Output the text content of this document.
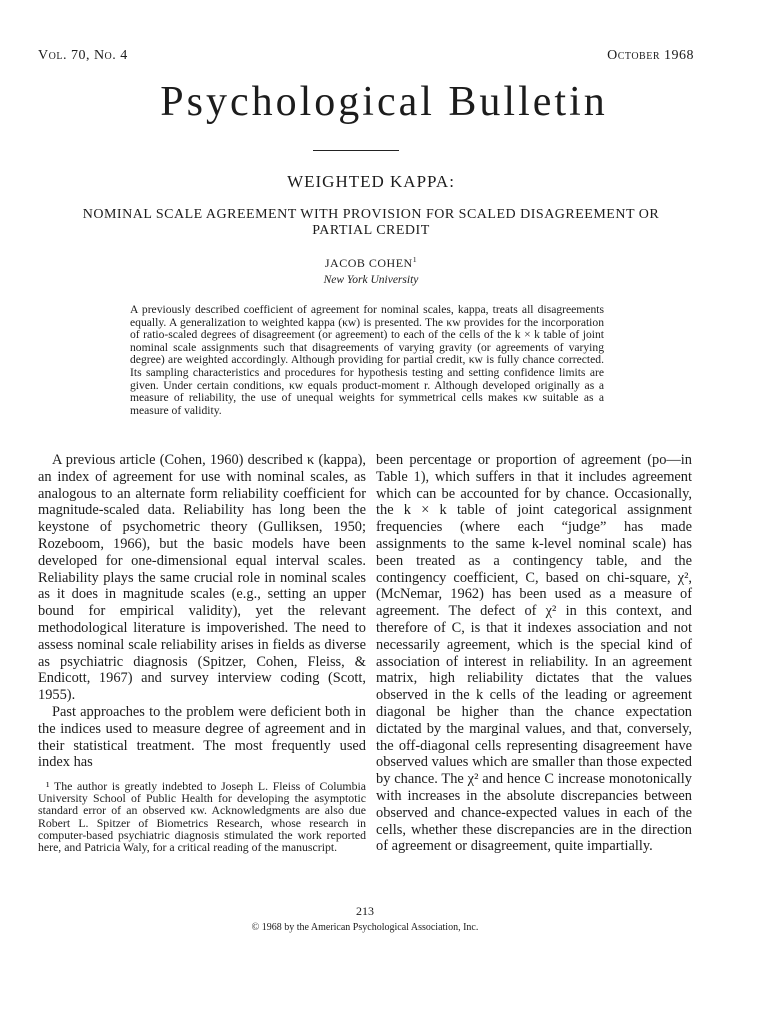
Vol. 70, No. 4	October 1968
Psychological Bulletin
WEIGHTED KAPPA:
NOMINAL SCALE AGREEMENT WITH PROVISION FOR SCALED DISAGREEMENT OR PARTIAL CREDIT
JACOB COHEN$^1$
New York University

A previously described coefficient of agreement for nominal scales, kappa, treats all disagreements equally. A generalization to weighted kappa (κw) is presented. The κw provides for the incorporation of ratio-scaled degrees of disagreement (or agreement) to each of the cells of the k × k table of joint nominal scale assignments such that disagreements of varying gravity (or agreements of varying degree) are weighted accordingly. Although providing for partial credit, κw is fully chance corrected. Its sampling characteristics and procedures for hypothesis testing and setting confidence limits are given. Under certain conditions, κw equals product-moment r. Although developed originally as a measure of reliability, the use of unequal weights for symmetrical cells makes κw suitable as a measure of validity.

A previous article (Cohen, 1960) described κ (kappa), an index of agreement for use with nominal scales, as analogous to an alternate form reliability coefficient for magnitude-scaled data. Reliability has long been the keystone of psychometric theory (Gulliksen, 1950; Rozeboom, 1966), but the basic models have been developed for one-dimensional equal interval scales. Reliability plays the same crucial role in nominal scales as it does in magnitude scales (e.g., setting an upper bound for empirical validity), yet the relevant methodological literature is impoverished. The need to assess nominal scale reliability arises in fields as diverse as psychiatric diagnosis (Spitzer, Cohen, Fleiss, & Endicott, 1967) and survey interview coding (Scott, 1955).

Past approaches to the problem were deficient both in the indices used to measure degree of agreement and in their statistical treatment. The most frequently used index has

¹ The author is greatly indebted to Joseph L. Fleiss of Columbia University School of Public Health for developing the asymptotic standard error of an observed κw. Acknowledgments are also due Robert L. Spitzer of Biometrics Research, whose research in computer-based psychiatric diagnosis stimulated the work reported here, and Patricia Waly, for a critical reading of the manuscript.

been percentage or proportion of agreement (po—in Table 1), which suffers in that it includes agreement which can be accounted for by chance. Occasionally, the k × k table of joint categorical assignment frequencies (where each “judge” has made assignments to the same k-level nominal scale) has been treated as a contingency table, and the contingency coefficient, C, based on chi-square, χ², (McNemar, 1962) has been used as a measure of agreement. The defect of χ² in this context, and therefore of C, is that it indexes association and not necessarily agreement, which is the special kind of association of interest in reliability. In an agreement matrix, high reliability dictates that the values observed in the k cells of the leading or agreement diagonal be higher than the chance expectation dictated by the marginal values, and that, conversely, the off-diagonal cells representing disagreement have observed values which are smaller than those expected by chance. The χ² and hence C increase monotonically with increases in the absolute discrepancies between observed and chance-expected values in each of the cells, whether these discrepancies are in the direction of agreement or disagreement, quite impartially.

213
© 1968 by the American Psychological Association, Inc.
